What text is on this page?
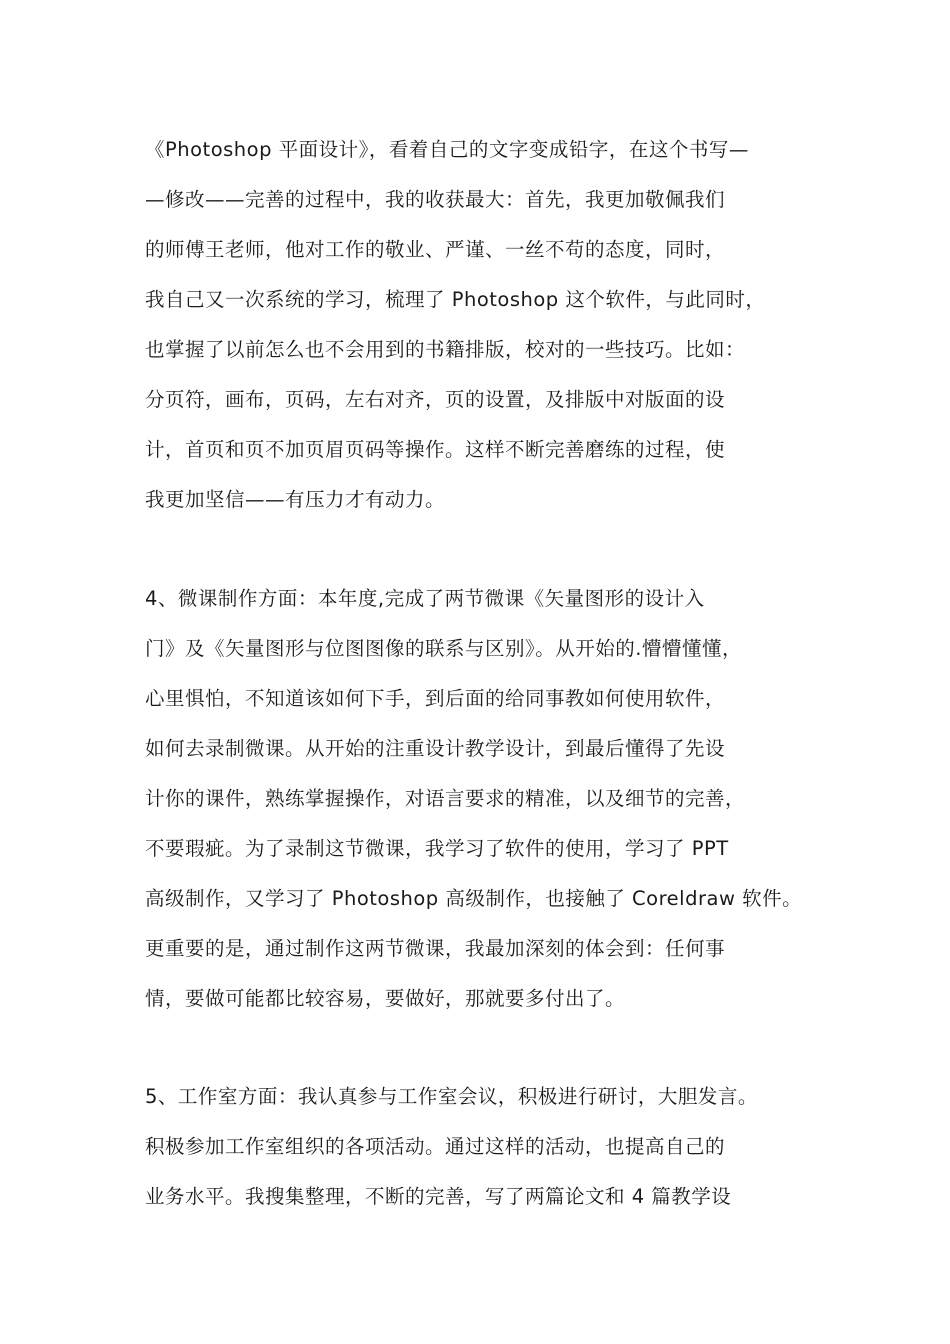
《Photoshop 平面设计》，看着自己的文字变成铅字，在这个书写—
—修改——完善的过程中，我的收获最大：首先，我更加敬佩我们
的师傅王老师，他对工作的敬业、严谨、一丝不苟的态度，同时，
我自己又一次系统的学习，梳理了 Photoshop 这个软件，与此同时，
也掌握了以前怎么也不会用到的书籍排版，校对的一些技巧。比如：
分页符，画布，页码，左右对齐，页的设置，及排版中对版面的设
计，首页和页不加页眉页码等操作。这样不断完善磨练的过程，使
我更加坚信——有压力才有动力。
4、微课制作方面：本年度,完成了两节微课《矢量图形的设计入
门》及《矢量图形与位图图像的联系与区别》。从开始的.懵懵懂懂，
心里惧怕，不知道该如何下手，到后面的给同事教如何使用软件，
如何去录制微课。从开始的注重设计教学设计，到最后懂得了先设
计你的课件，熟练掌握操作，对语言要求的精准，以及细节的完善，
不要瑕疵。为了录制这节微课，我学习了软件的使用，学习了 PPT
高级制作，又学习了 Photoshop 高级制作，也接触了 Coreldraw 软件。
更重要的是，通过制作这两节微课，我最加深刻的体会到：任何事
情，要做可能都比较容易，要做好，那就要多付出了。
5、工作室方面：我认真参与工作室会议，积极进行研讨，大胆发言。
积极参加工作室组织的各项活动。通过这样的活动，也提高自己的
业务水平。我搜集整理，不断的完善，写了两篇论文和 4 篇教学设
